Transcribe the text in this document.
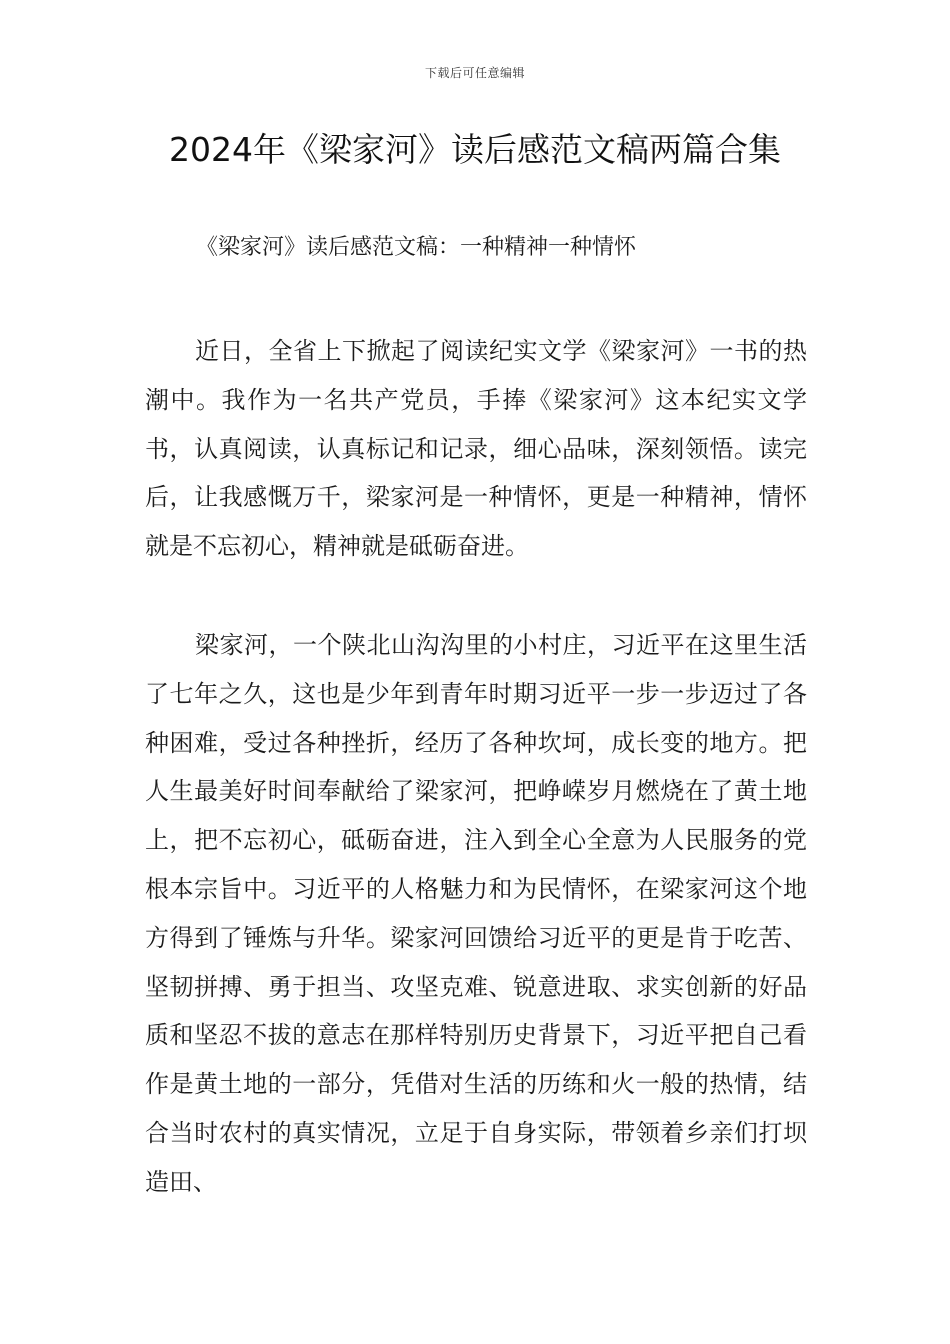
下载后可任意编辑
2024年《梁家河》读后感范文稿两篇合集
《梁家河》读后感范文稿：一种精神一种情怀

近日，全省上下掀起了阅读纪实文学《梁家河》一书的热潮中。我作为一名共产党员，手捧《梁家河》这本纪实文学书，认真阅读，认真标记和记录，细心品味，深刻领悟。读完后，让我感慨万千，梁家河是一种情怀，更是一种精神，情怀就是不忘初心，精神就是砥砺奋进。

梁家河，一个陕北山沟沟里的小村庄，习近平在这里生活了七年之久，这也是少年到青年时期习近平一步一步迈过了各种困难，受过各种挫折，经历了各种坎坷，成长变的地方。把人生最美好时间奉献给了梁家河，把峥嵘岁月燃烧在了黄土地上，把不忘初心，砥砺奋进，注入到全心全意为人民服务的党根本宗旨中。习近平的人格魅力和为民情怀，在梁家河这个地方得到了锤炼与升华。梁家河回馈给习近平的更是肯于吃苦、坚韧拼搏、勇于担当、攻坚克难、锐意进取、求实创新的好品质和坚忍不拔的意志在那样特别历史背景下，习近平把自己看作是黄土地的一部分，凭借对生活的历练和火一般的热情，结合当时农村的真实情况，立足于自身实际，带领着乡亲们打坝造田、
